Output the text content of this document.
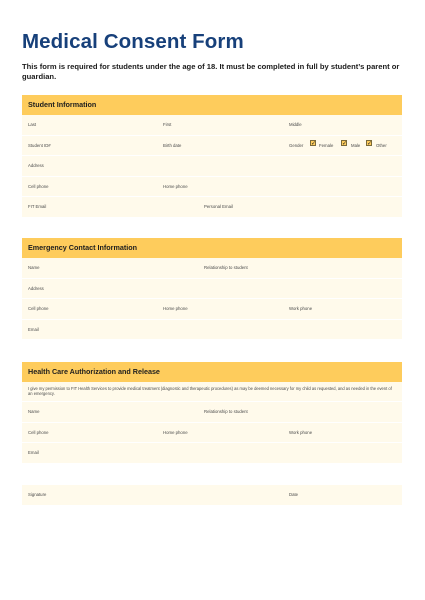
Medical Consent Form
This form is required for students under the age of 18. It must be completed in full by student’s parent or guardian.
Student Information
Last	First	Middle
Student ID#	Birth date	Gender ✓ Female ✓ Male ✓ Other
Address
Cell phone	Home phone
FIT Email	Personal Email
Emergency Contact Information
Name	Relationship to student
Address
Cell phone	Home phone	Work phone
Email
Health Care Authorization and Release
I give my permission to FIT Health Services to provide medical treatment (diagnostic and therapeutic procedures) as may be deemed necessary for my child as requested, and as needed in the event of an emergency.
Name	Relationship to student
Cell phone	Home phone	Work phone
Email
Signature	Date
